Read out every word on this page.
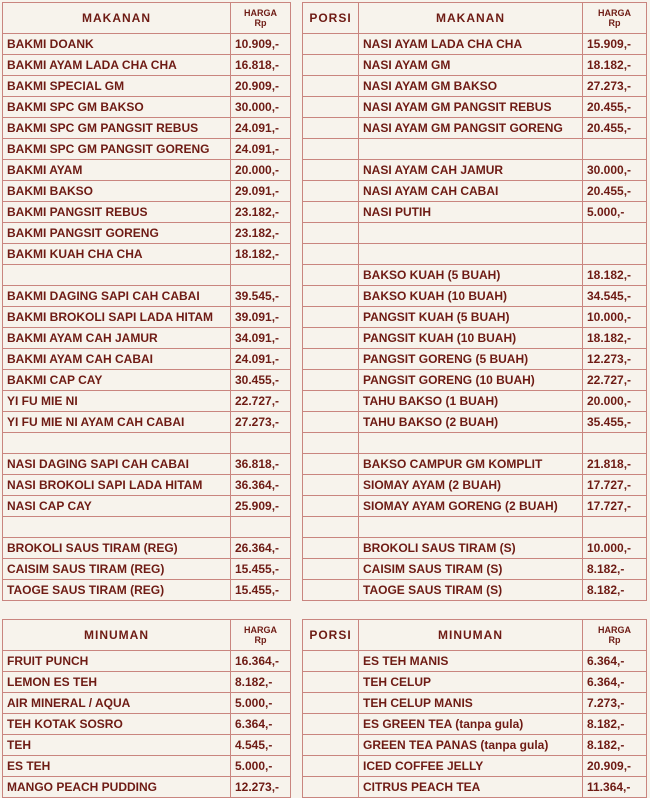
MAKANAN	HARGA
Rp

BAKMI DOANK	10.909,-
BAKMI AYAM LADA CHA CHA	16.818,-
BAKMI SPECIAL GM	20.909,-
BAKMI SPC GM BAKSO	30.000,-
BAKMI SPC GM PANGSIT REBUS	24.091,-
BAKMI SPC GM PANGSIT GORENG	24.091,-
BAKMI AYAM	20.000,-
BAKMI BAKSO	29.091,-
BAKMI PANGSIT REBUS	23.182,-
BAKMI PANGSIT GORENG	23.182,-
BAKMI KUAH CHA CHA	18.182,-

BAKMI DAGING SAPI CAH CABAI	39.545,-
BAKMI BROKOLI SAPI LADA HITAM	39.091,-
BAKMI AYAM CAH JAMUR	34.091,-
BAKMI AYAM CAH CABAI	24.091,-
BAKMI CAP CAY	30.455,-
YI FU MIE NI	22.727,-
YI FU MIE NI AYAM CAH CABAI	27.273,-

NASI DAGING SAPI CAH CABAI	36.818,-
NASI BROKOLI SAPI LADA HITAM	36.364,-
NASI CAP CAY	25.909,-

BROKOLI SAUS TIRAM (REG)	26.364,-
CAISIM SAUS TIRAM (REG)	15.455,-
TAOGE SAUS TIRAM (REG)	15.455,-
PORSI	MAKANAN	HARGA
Rp

	NASI AYAM LADA CHA CHA	15.909,-
	NASI AYAM GM	18.182,-
	NASI AYAM GM BAKSO	27.273,-
	NASI AYAM GM PANGSIT REBUS	20.455,-
	NASI AYAM GM PANGSIT GORENG	20.455,-

	NASI AYAM CAH JAMUR	30.000,-
	NASI AYAM CAH CABAI	20.455,-
	NASI PUTIH	5.000,-

	BAKSO KUAH (5 BUAH)	18.182,-
	BAKSO KUAH (10 BUAH)	34.545,-
	PANGSIT KUAH (5 BUAH)	10.000,-
	PANGSIT KUAH (10 BUAH)	18.182,-
	PANGSIT GORENG (5 BUAH)	12.273,-
	PANGSIT GORENG (10 BUAH)	22.727,-
	TAHU BAKSO (1 BUAH)	20.000,-
	TAHU BAKSO (2 BUAH)	35.455,-

	BAKSO CAMPUR GM KOMPLIT	21.818,-
	SIOMAY AYAM (2 BUAH)	17.727,-
	SIOMAY AYAM GORENG (2 BUAH)	17.727,-

	BROKOLI SAUS TIRAM (S)	10.000,-
	CAISIM SAUS TIRAM (S)	8.182,-
	TAOGE SAUS TIRAM (S)	8.182,-
MINUMAN	HARGA
Rp

FRUIT PUNCH	16.364,-
LEMON ES TEH	8.182,-
AIR MINERAL / AQUA	5.000,-
TEH KOTAK SOSRO	6.364,-
TEH	4.545,-
ES TEH	5.000,-
MANGO PEACH PUDDING	12.273,-
PORSI	MINUMAN	HARGA
Rp

	ES TEH MANIS	6.364,-
	TEH CELUP	6.364,-
	TEH CELUP MANIS	7.273,-
	ES GREEN TEA (tanpa gula)	8.182,-
	GREEN TEA PANAS (tanpa gula)	8.182,-
	ICED COFFEE JELLY	20.909,-
	CITRUS PEACH TEA	11.364,-
